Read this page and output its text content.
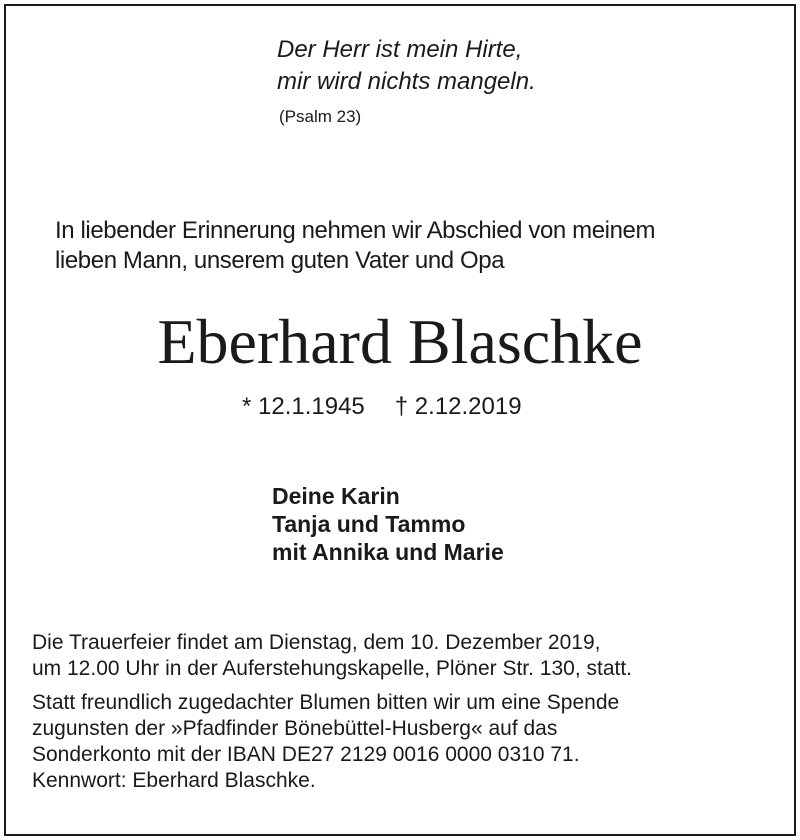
Der Herr ist mein Hirte,
mir wird nichts mangeln.
(Psalm 23)
In liebender Erinnerung nehmen wir Abschied von meinem
lieben Mann, unserem guten Vater und Opa
Eberhard Blaschke
* 12.1.1945 † 2.12.2019
Deine Karin
Tanja und Tammo
mit Annika und Marie
Die Trauerfeier findet am Dienstag, dem 10. Dezember 2019,
um 12.00 Uhr in der Auferstehungskapelle, Plöner Str. 130, statt.
Statt freundlich zugedachter Blumen bitten wir um eine Spende
zugunsten der »Pfadfinder Bönebüttel-Husberg« auf das
Sonderkonto mit der IBAN DE27 2129 0016 0000 0310 71.
Kennwort: Eberhard Blaschke.
